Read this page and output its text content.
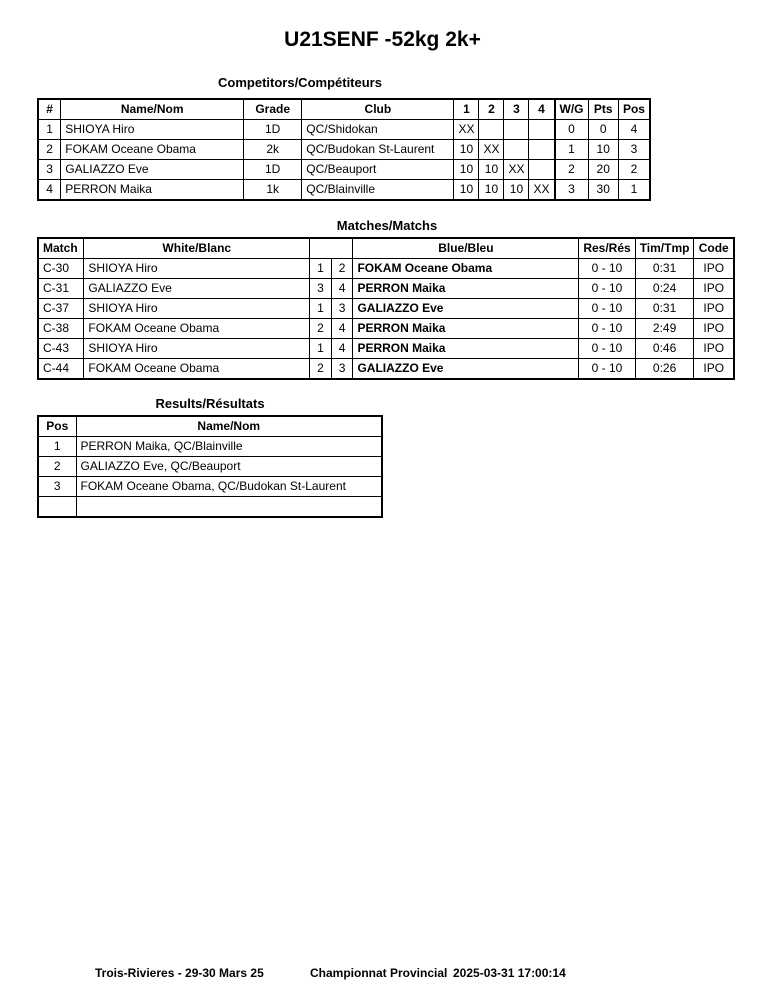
U21SENF -52kg 2k+
Competitors/Compétiteurs
#	Name/Nom	Grade	Club	1	2	3	4	W/G	Pts	Pos
1	SHIOYA Hiro	1D	QC/Shidokan	XX				0	0	4
2	FOKAM Oceane Obama	2k	QC/Budokan St-Laurent	10	XX			1	10	3
3	GALIAZZO Eve	1D	QC/Beauport	10	10	XX		2	20	2
4	PERRON Maika	1k	QC/Blainville	10	10	10	XX	3	30	1
Matches/Matchs
Match	White/Blanc			Blue/Bleu	Res/Rés	Tim/Tmp	Code
C-30	SHIOYA Hiro	1	2	FOKAM Oceane Obama	0 - 10	0:31	IPO
C-31	GALIAZZO Eve	3	4	PERRON Maika	0 - 10	0:24	IPO
C-37	SHIOYA Hiro	1	3	GALIAZZO Eve	0 - 10	0:31	IPO
C-38	FOKAM Oceane Obama	2	4	PERRON Maika	0 - 10	2:49	IPO
C-43	SHIOYA Hiro	1	4	PERRON Maika	0 - 10	0:46	IPO
C-44	FOKAM Oceane Obama	2	3	GALIAZZO Eve	0 - 10	0:26	IPO
Results/Résultats
Pos	Name/Nom
1	PERRON Maika, QC/Blainville
2	GALIAZZO Eve, QC/Beauport
3	FOKAM Oceane Obama, QC/Budokan St-Laurent

Trois-Rivieres - 29-30 Mars 25	Championnat Provincial 2025-03-31 17:00:14
